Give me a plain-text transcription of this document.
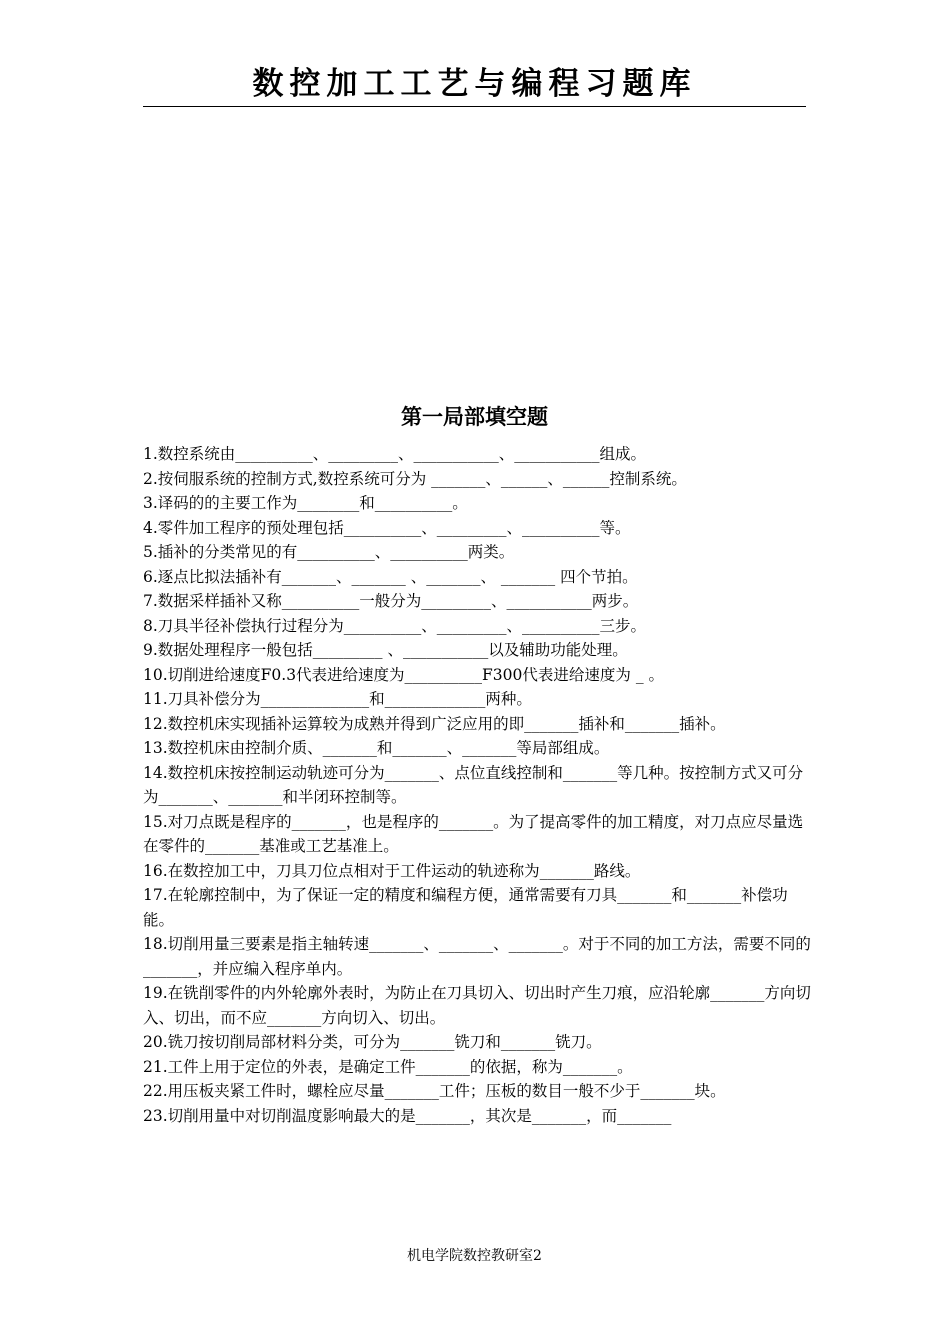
数控加工工艺与编程习题库
第一局部填空题

1.数控系统由__________、_________、___________、___________组成。

2.按伺服系统的控制方式,数控系统可分为 _______、______、______控制系统。

3.译码的的主要工作为________和__________。

4.零件加工程序的预处理包括__________、_________、__________等。

5.插补的分类常见的有__________、__________两类。

6.逐点比拟法插补有_______、_______ 、_______、 _______ 四个节拍。

7.数据采样插补又称__________一般分为_________、___________两步。

8.刀具半径补偿执行过程分为__________、_________、__________三步。

9.数据处理程序一般包括_________ 、___________以及辅助功能处理。

10.切削进给速度F0.3代表进给速度为__________F300代表进给速度为 _ 。

11.刀具补偿分为______________和_____________两种。

12.数控机床实现插补运算较为成熟并得到广泛应用的即_______插补和_______插补。

13.数控机床由控制介质、_______和_______、_______等局部组成。

14.数控机床按控制运动轨迹可分为_______、点位直线控制和_______等几种。按控制方式又可分为_______、_______和半闭环控制等。

15.对刀点既是程序的_______，也是程序的_______。为了提高零件的加工精度，对刀点应尽量选在零件的_______基准或工艺基准上。

16.在数控加工中，刀具刀位点相对于工件运动的轨迹称为_______路线。

17.在轮廓控制中，为了保证一定的精度和编程方便，通常需要有刀具_______和_______补偿功能。

18.切削用量三要素是指主轴转速_______、_______、_______。对于不同的加工方法，需要不同的_______，并应编入程序单内。

19.在铣削零件的内外轮廓外表时，为防止在刀具切入、切出时产生刀痕，应沿轮廓_______方向切入、切出，而不应_______方向切入、切出。

20.铣刀按切削局部材料分类，可分为_______铣刀和_______铣刀。

21.工件上用于定位的外表，是确定工件_______的依据，称为_______。

22.用压板夹紧工件时，螺栓应尽量_______工件；压板的数目一般不少于_______块。

23.切削用量中对切削温度影响最大的是_______，其次是_______，而_______

机电学院数控教研室2
